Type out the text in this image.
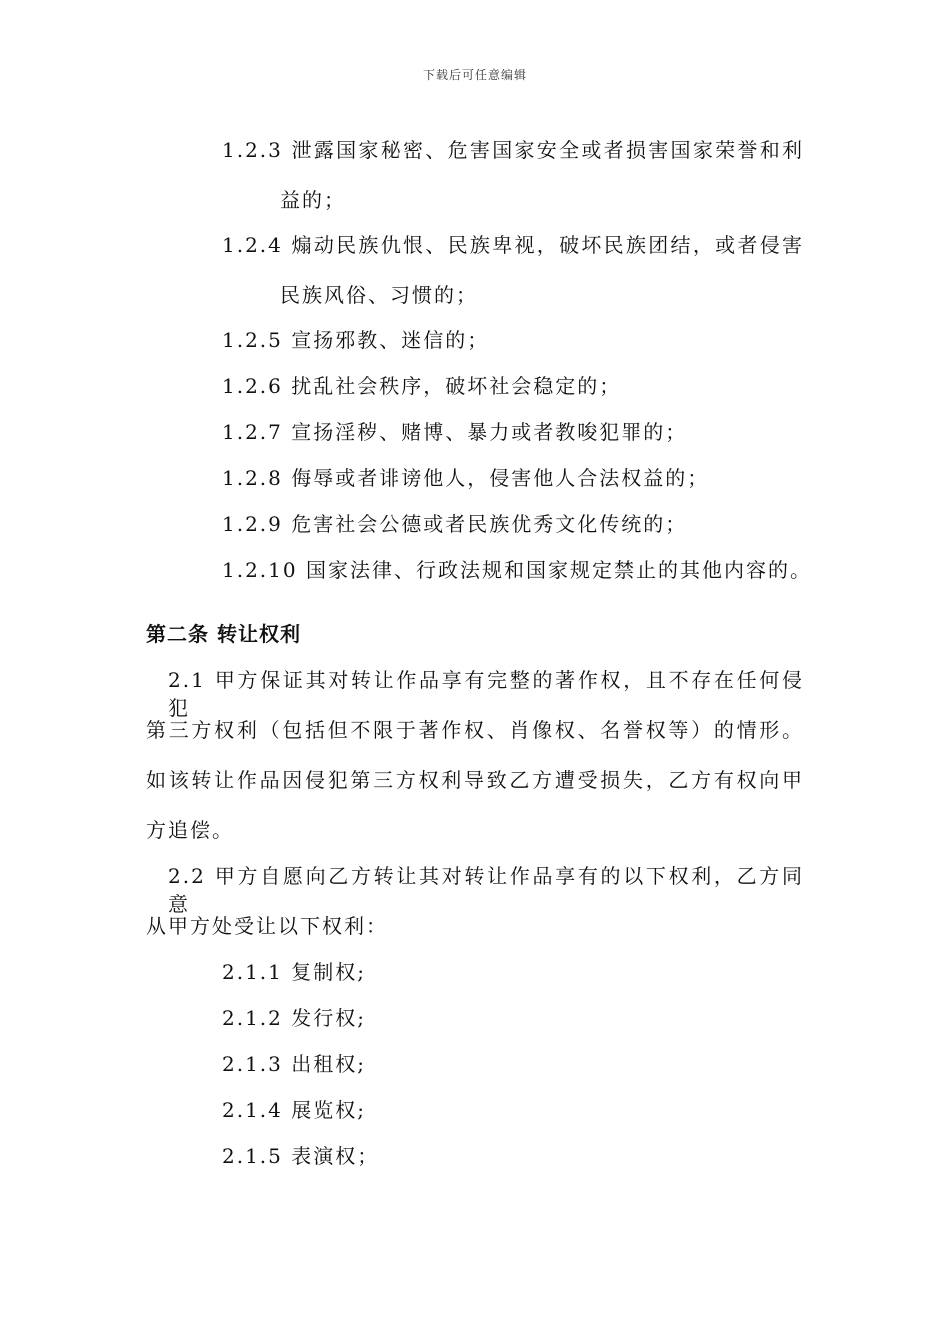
下载后可任意编辑
1.2.3 泄露国家秘密、危害国家安全或者损害国家荣誉和利
益的；
1.2.4 煽动民族仇恨、民族卑视，破坏民族团结，或者侵害
民族风俗、习惯的；
1.2.5 宣扬邪教、迷信的；
1.2.6 扰乱社会秩序，破坏社会稳定的；
1.2.7 宣扬淫秽、赌博、暴力或者教唆犯罪的；
1.2.8 侮辱或者诽谤他人，侵害他人合法权益的；
1.2.9 危害社会公德或者民族优秀文化传统的；
1.2.10 国家法律、行政法规和国家规定禁止的其他内容的。
第二条 转让权利
2.1 甲方保证其对转让作品享有完整的著作权，且不存在任何侵犯
第三方权利（包括但不限于著作权、肖像权、名誉权等）的情形。
如该转让作品因侵犯第三方权利导致乙方遭受损失，乙方有权向甲
方追偿。
2.2 甲方自愿向乙方转让其对转让作品享有的以下权利，乙方同意
从甲方处受让以下权利：
2.1.1 复制权;
2.1.2 发行权;
2.1.3 出租权;
2.1.4 展览权;
2.1.5 表演权；
